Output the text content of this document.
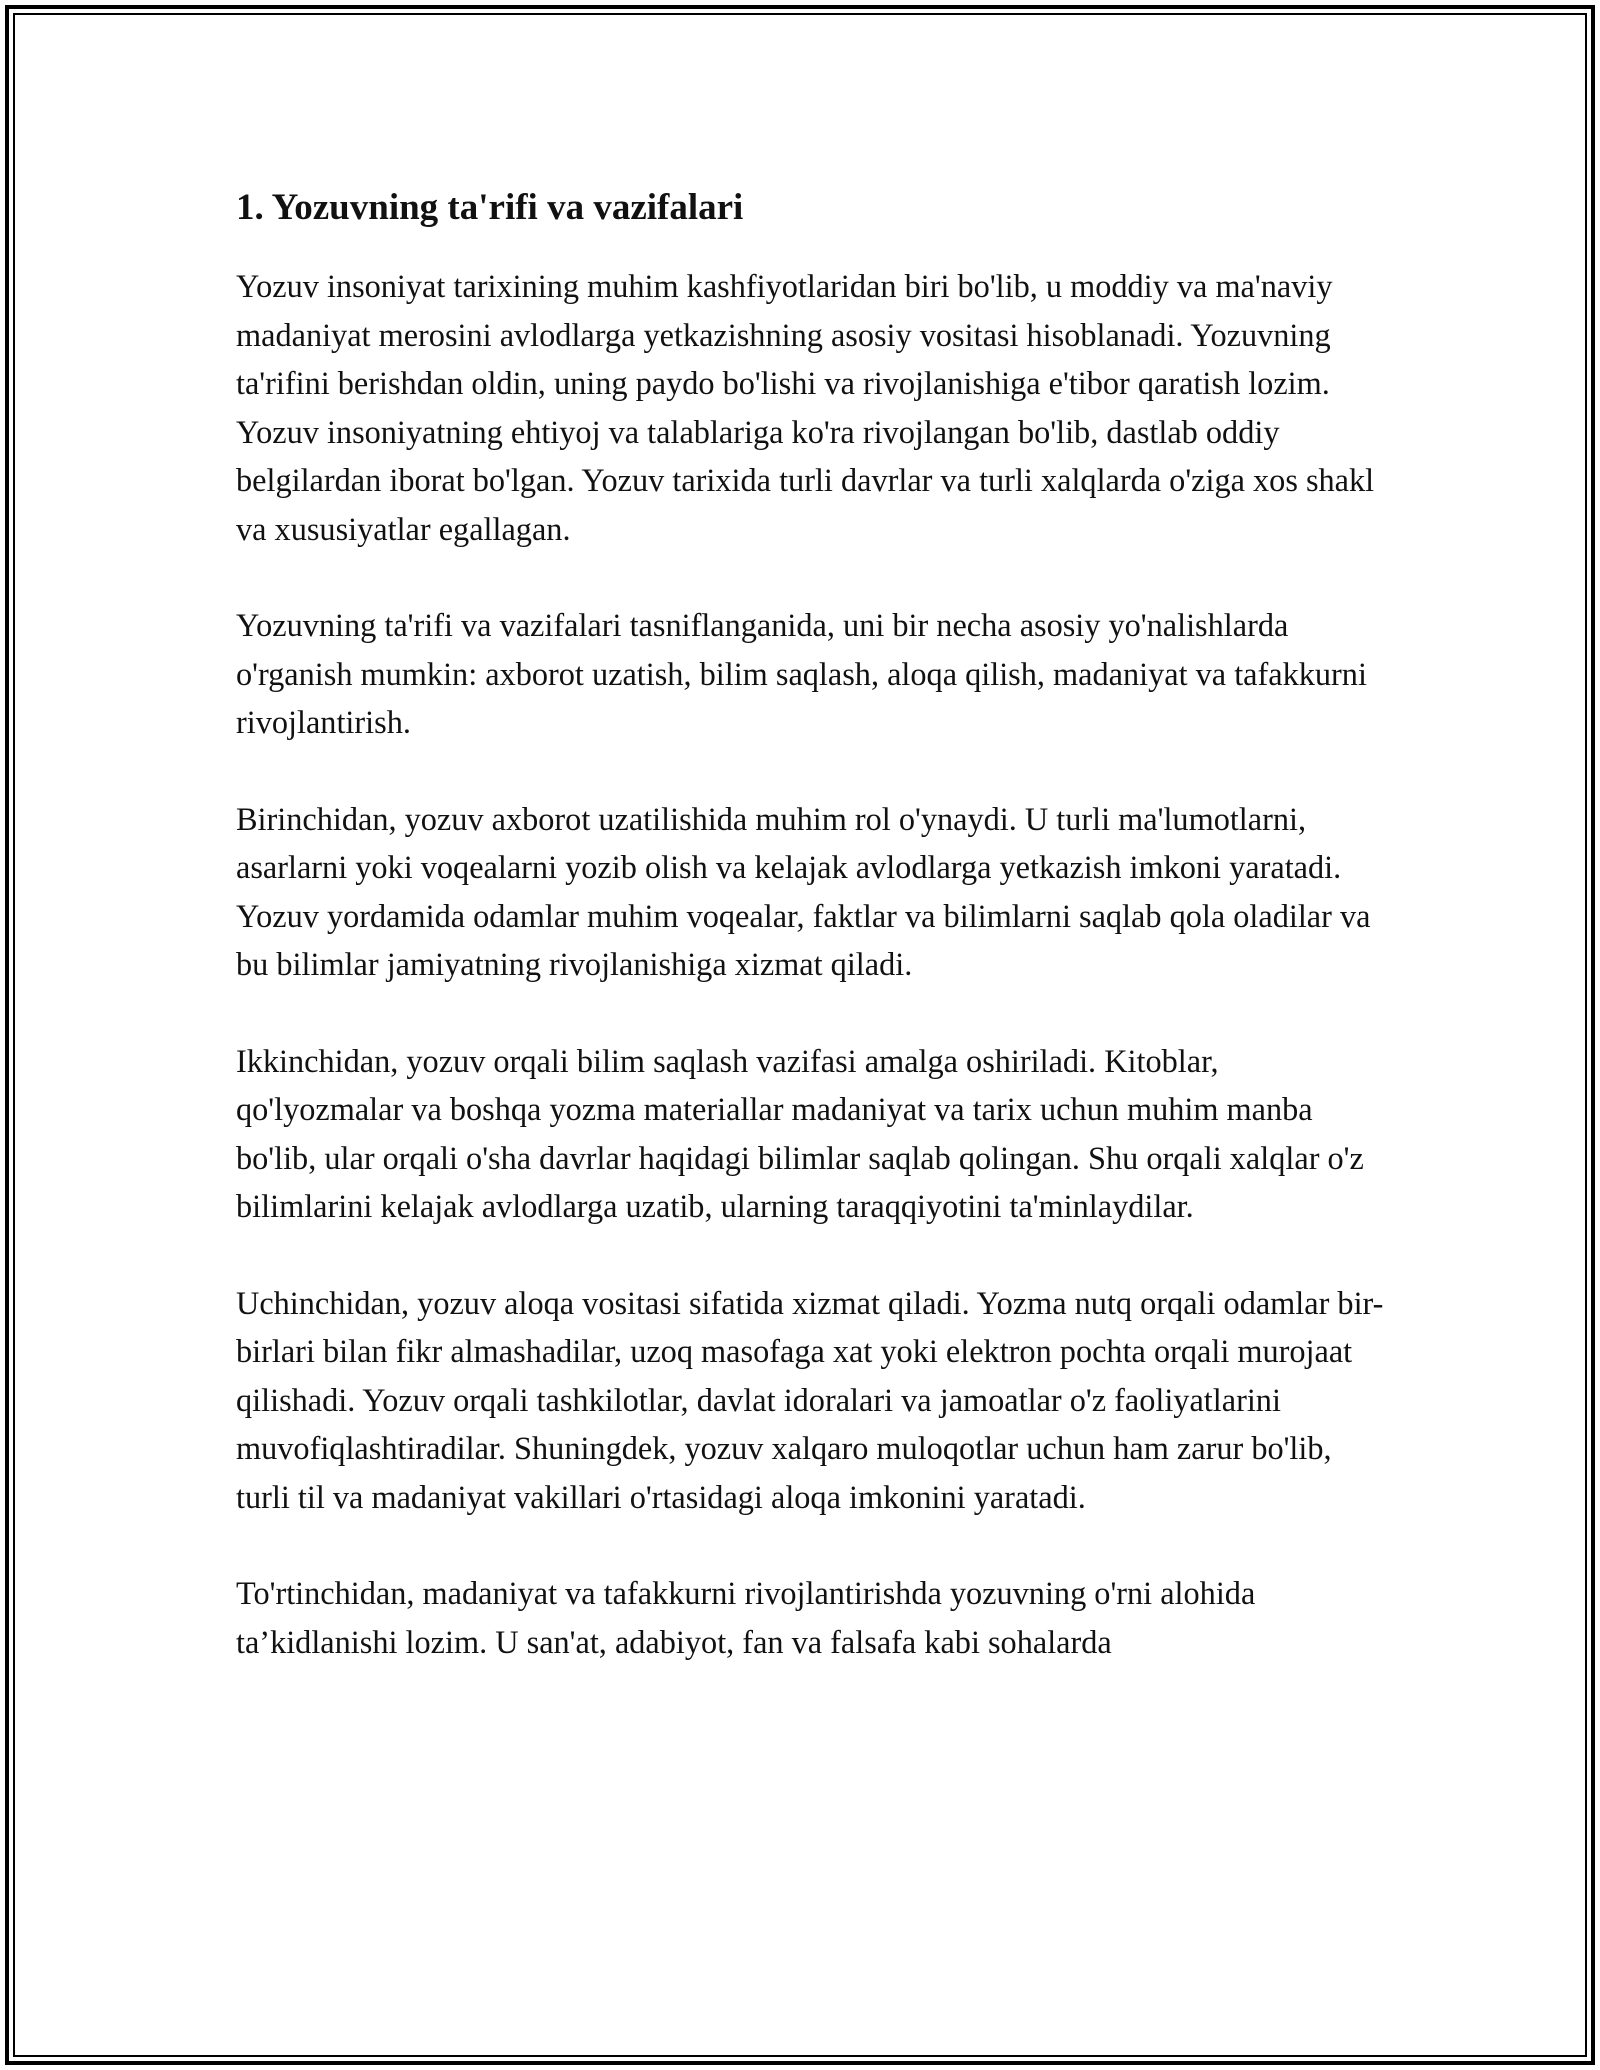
1. Yozuvning ta'rifi va vazifalari

Yozuv insoniyat tarixining muhim kashfiyotlaridan biri bo'lib, u moddiy va ma'naviy madaniyat merosini avlodlarga yetkazishning asosiy vositasi hisoblanadi. Yozuvning ta'rifini berishdan oldin, uning paydo bo'lishi va rivojlanishiga e'tibor qaratish lozim. Yozuv insoniyatning ehtiyoj va talablariga ko'ra rivojlangan bo'lib, dastlab oddiy belgilardan iborat bo'lgan. Yozuv tarixida turli davrlar va turli xalqlarda o'ziga xos shakl va xususiyatlar egallagan.

Yozuvning ta'rifi va vazifalari tasniflanganida, uni bir necha asosiy yo'nalishlarda o'rganish mumkin: axborot uzatish, bilim saqlash, aloqa qilish, madaniyat va tafakkurni rivojlantirish.

Birinchidan, yozuv axborot uzatilishida muhim rol o'ynaydi. U turli ma'lumotlarni, asarlarni yoki voqealarni yozib olish va kelajak avlodlarga yetkazish imkoni yaratadi. Yozuv yordamida odamlar muhim voqealar, faktlar va bilimlarni saqlab qola oladilar va bu bilimlar jamiyatning rivojlanishiga xizmat qiladi.

Ikkinchidan, yozuv orqali bilim saqlash vazifasi amalga oshiriladi. Kitoblar, qo'lyozmalar va boshqa yozma materiallar madaniyat va tarix uchun muhim manba bo'lib, ular orqali o'sha davrlar haqidagi bilimlar saqlab qolingan. Shu orqali xalqlar o'z bilimlarini kelajak avlodlarga uzatib, ularning taraqqiyotini ta'minlaydilar.

Uchinchidan, yozuv aloqa vositasi sifatida xizmat qiladi. Yozma nutq orqali odamlar bir-birlari bilan fikr almashadilar, uzoq masofaga xat yoki elektron pochta orqali murojaat qilishadi. Yozuv orqali tashkilotlar, davlat idoralari va jamoatlar o'z faoliyatlarini muvofiqlashtiradilar. Shuningdek, yozuv xalqaro muloqotlar uchun ham zarur bo'lib, turli til va madaniyat vakillari o'rtasidagi aloqa imkonini yaratadi.

To'rtinchidan, madaniyat va tafakkurni rivojlantirishda yozuvning o'rni alohida ta’kidlanishi lozim. U san'at, adabiyot, fan va falsafa kabi sohalarda
